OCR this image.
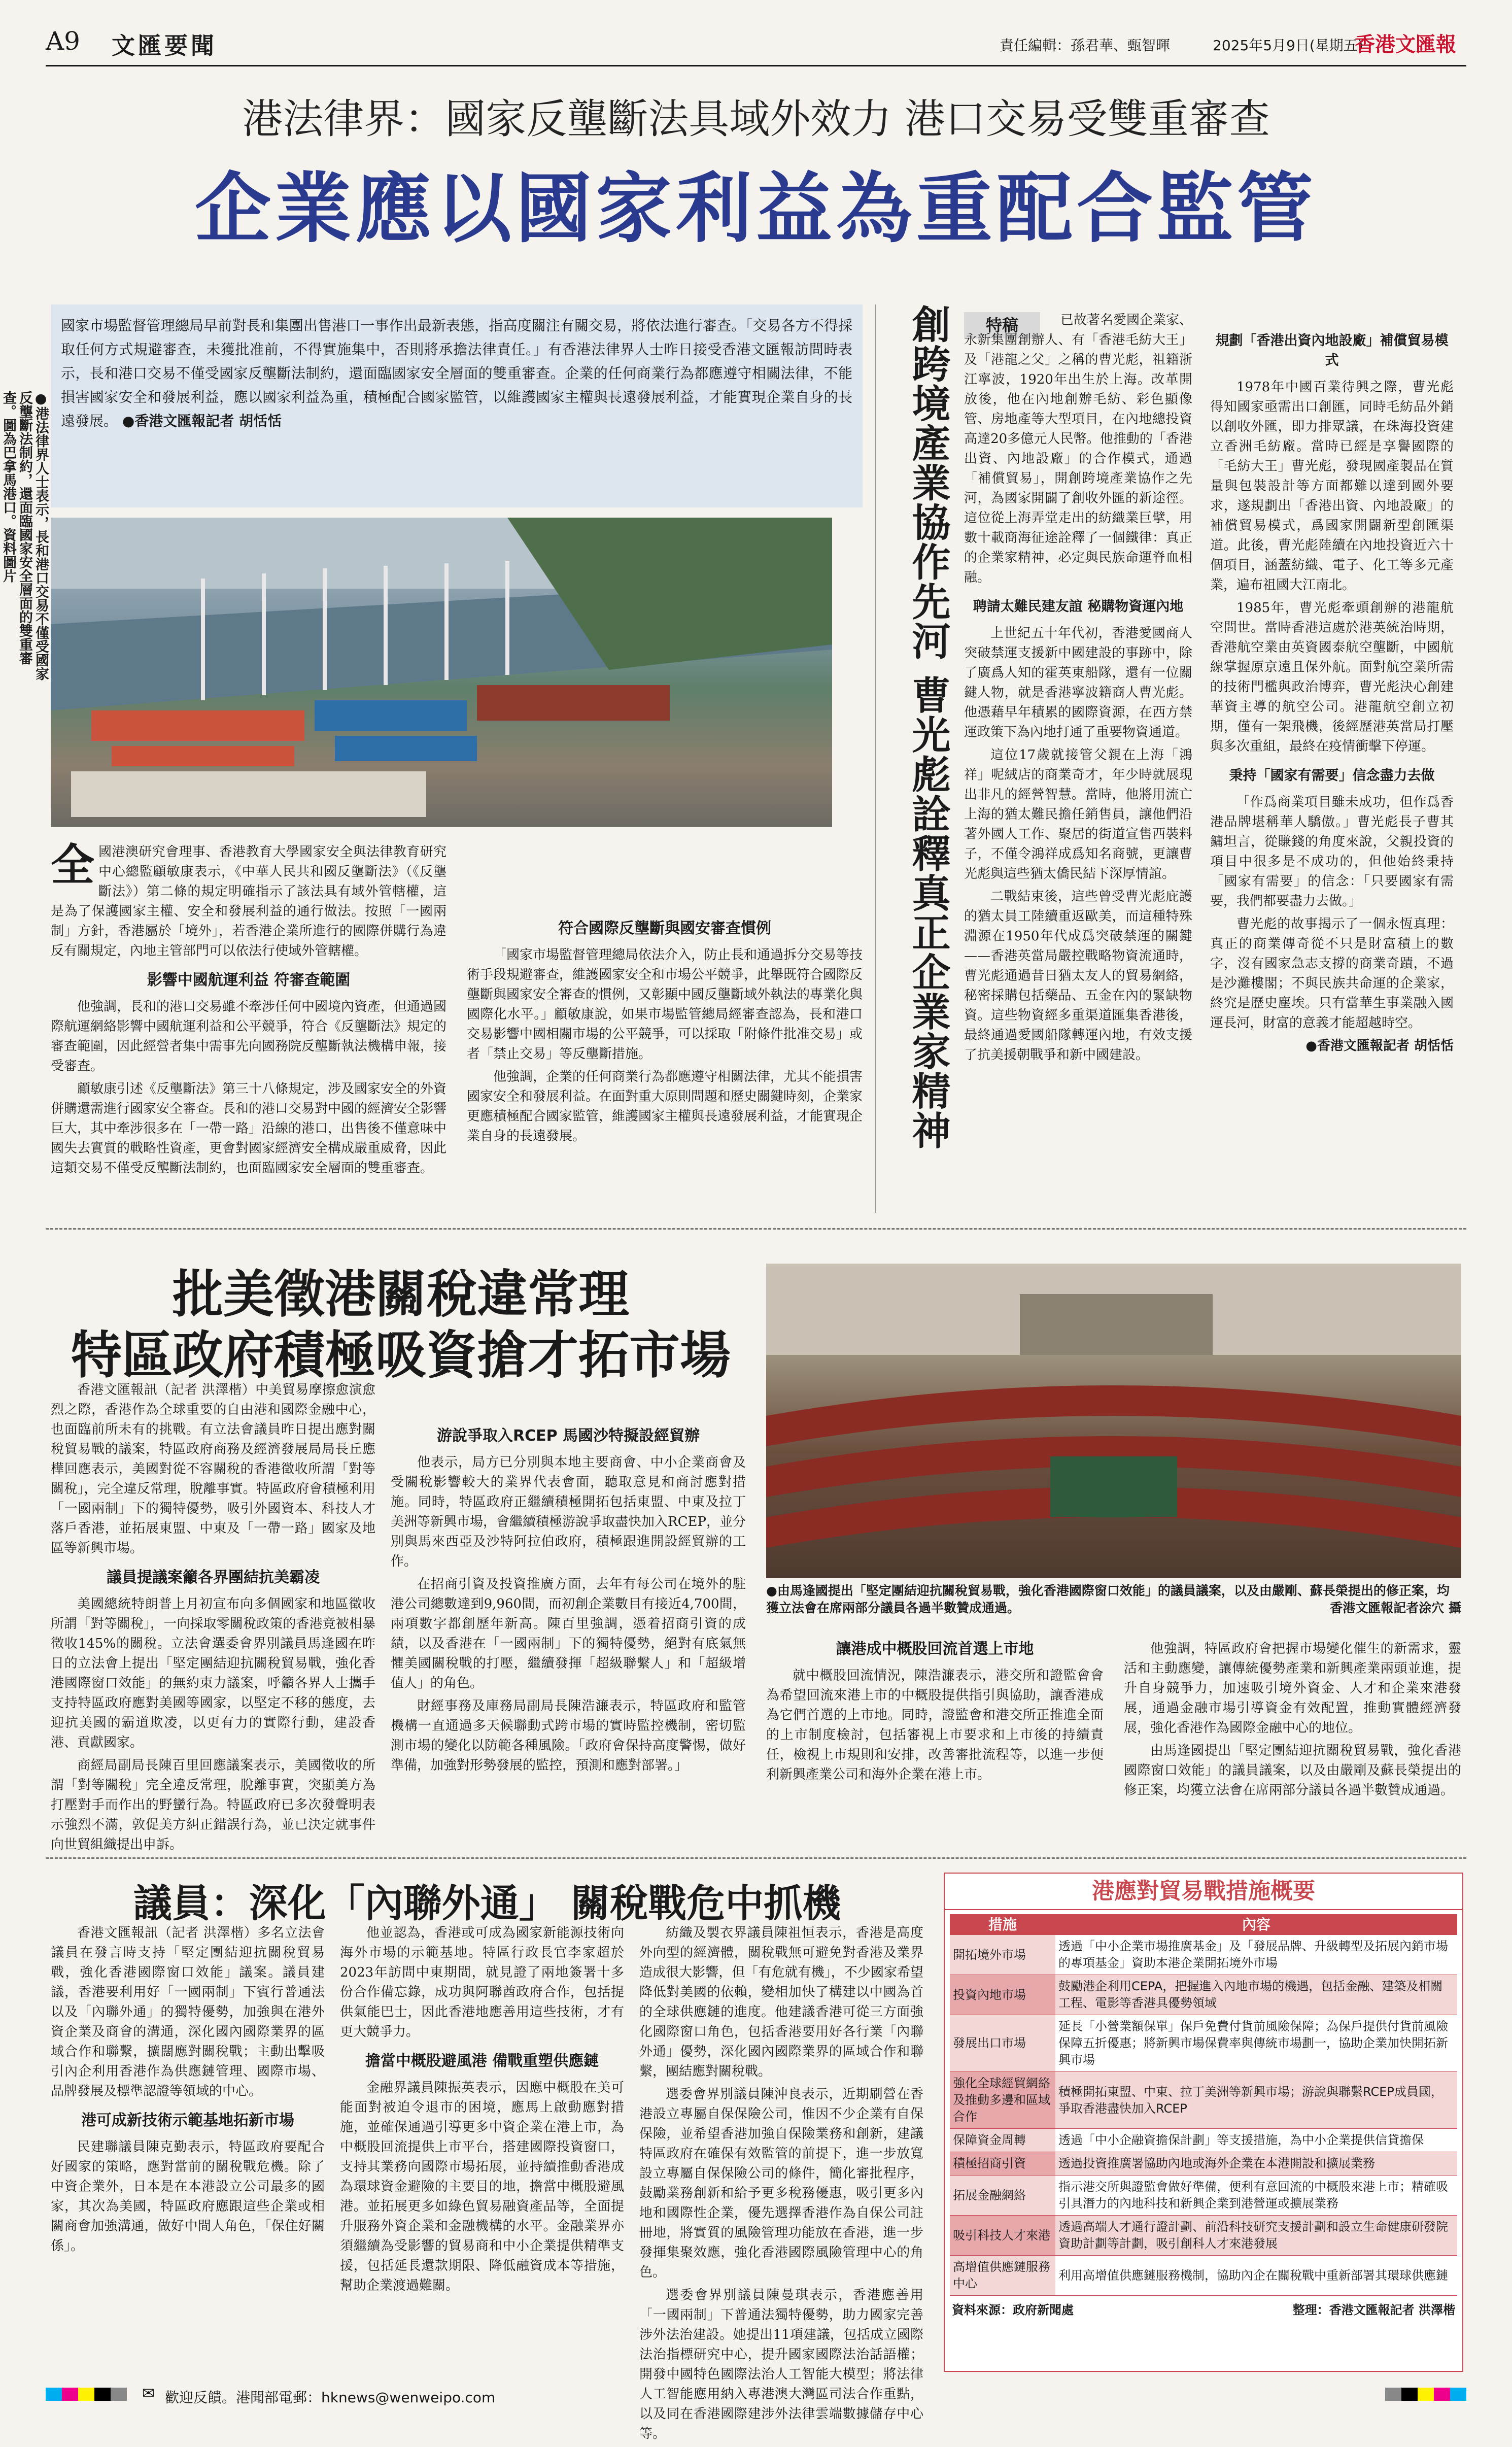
A9 文匯要聞	責任編輯：孫君華、甄智暉	2025年5月9日(星期五)
香港文匯報
港法律界：國家反壟斷法具域外效力 港口交易受雙重審查
企業應以國家利益為重配合監管
國家市場監督管理總局早前對長和集團出售港口一事作出最新表態，指高度關注有關交易，將依法進行審查。「交易各方不得採取任何方式規避審查，未獲批准前，不得實施集中，否則將承擔法律責任。」有香港法律界人士昨日接受香港文匯報訪問時表示，長和港口交易不僅受國家反壟斷法制約，還面臨國家安全層面的雙重審查。企業的任何商業行為都應遵守相關法律，不能損害國家安全和發展利益，應以國家利益為重，積極配合國家監管，以維護國家主權與長遠發展利益，才能實現企業自身的長遠發展。 ●香港文匯報記者 胡恬恬
●港法律界人士表示，長和港口交易不僅受國家反壟斷法制約，還面臨國家安全層面的雙重審查。圖為巴拿馬港口。資料圖片

全國港澳研究會理事、香港教育大學國家安全與法律教育研究中心總監顧敏康表示，《中華人民共和國反壟斷法》（《反壟斷法》）第二條的規定明確指示了該法具有域外管轄權，這是為了保護國家主權、安全和發展利益的通行做法。按照「一國兩制」方針，香港屬於「境外」，若香港企業所進行的國際併購行為違反有關規定，內地主管部門可以依法行使域外管轄權。

影響中國航運利益 符審查範圍

他強調，長和的港口交易雖不牽涉任何中國境內資產，但通過國際航運網絡影響中國航運利益和公平競爭，符合《反壟斷法》規定的審查範圍，因此經營者集中需事先向國務院反壟斷執法機構申報，接受審查。

顧敏康引述《反壟斷法》第三十八條規定，涉及國家安全的外資併購還需進行國家安全審查。長和的港口交易對中國的經濟安全影響巨大，其中牽涉很多在「一帶一路」沿線的港口，出售後不僅意味中國失去實質的戰略性資產，更會對國家經濟安全構成嚴重威脅，因此這類交易不僅受反壟斷法制約，也面臨國家安全層面的雙重審查。

符合國際反壟斷與國安審查慣例

「國家市場監督管理總局依法介入，防止長和通過拆分交易等技術手段規避審查，維護國家安全和市場公平競爭，此舉既符合國際反壟斷與國家安全審查的慣例，又彰顯中國反壟斷域外執法的專業化與國際化水平。」顧敏康說，如果市場監管總局經審查認為，長和港口交易影響中國相關市場的公平競爭，可以採取「附條件批准交易」或者「禁止交易」等反壟斷措施。

他強調，企業的任何商業行為都應遵守相關法律，尤其不能損害國家安全和發展利益。在面對重大原則問題和歷史關鍵時刻，企業家更應積極配合國家監管，維護國家主權與長遠發展利益，才能實現企業自身的長遠發展。	創跨境產業協作先河 曹光彪詮釋真正企業家精神	特稿	已故著名愛國企業家、永新集團創辦人、有「香港毛紡大王」及「港龍之父」之稱的曹光彪，祖籍浙江寧波，1920年出生於上海。改革開放後，他在內地創辦毛紡、彩色顯像管、房地產等大型項目，在內地總投資高達20多億元人民幣。他推動的「香港出資、內地設廠」的合作模式，通過「補償貿易」，開創跨境產業協作之先河，為國家開闢了創收外匯的新途徑。這位從上海弄堂走出的紡織業巨擘，用數十載商海征途詮釋了一個鐵律：真正的企業家精神，必定與民族命運脊血相融。

聘請太難民建友誼 秘購物資運內地

上世紀五十年代初，香港愛國商人突破禁運支援新中國建設的事跡中，除了廣爲人知的霍英東船隊，還有一位關鍵人物，就是香港寧波籍商人曹光彪。他憑藉早年積累的國際資源，在西方禁運政策下為內地打通了重要物資通道。

這位17歲就接管父親在上海「鴻祥」呢絨店的商業奇才，年少時就展現出非凡的經營智慧。當時，他將用流亡上海的猶太難民擔任銷售員，讓他們沿著外國人工作、聚居的街道宣售西裝料子，不僅令鴻祥成爲知名商號，更讓曹光彪與這些猶太僑民結下深厚情誼。

二戰結束後，這些曾受曹光彪庇護的猶太員工陸續重返歐美，而這種特殊淵源在1950年代成爲突破禁運的關鍵——香港英當局嚴控戰略物資流通時，曹光彪通過昔日猶太友人的貿易網絡，秘密採購包括藥品、五金在內的緊缺物資。這些物資經多重渠道匯集香港後，最終通過愛國船隊轉運內地，有效支援了抗美援朝戰爭和新中國建設。

規劃「香港出資內地設廠」補償貿易模式

1978年中國百業待興之際，曹光彪得知國家亟需出口創匯，同時毛紡品外銷以創收外匯，即力排眾議，在珠海投資建立香洲毛紡廠。當時已經是享譽國際的「毛紡大王」曹光彪，發現國產製品在質量與包裝設計等方面都難以達到國外要求，遂規劃出「香港出資、內地設廠」的補償貿易模式，爲國家開闢新型創匯渠道。此後，曹光彪陸續在內地投資近六十個項目，涵蓋紡織、電子、化工等多元產業，遍布祖國大江南北。

1985年，曹光彪牽頭創辦的港龍航空問世。當時香港這處於港英統治時期，香港航空業由英資國泰航空壟斷，中國航線掌握原京遠且保外航。面對航空業所需的技術門檻與政治博弈，曹光彪決心創建華資主導的航空公司。港龍航空創立初期，僅有一架飛機，後經歷港英當局打壓與多次重組，最終在疫情衝擊下停運。

秉持「國家有需要」信念盡力去做

「作爲商業項目雖未成功，但作爲香港品牌堪稱華人驕傲。」曹光彪長子曹其鏞坦言，從賺錢的角度來說，父親投資的項目中很多是不成功的，但他始終秉持「國家有需要」的信念：「只要國家有需要，我們都要盡力去做。」

曹光彪的故事揭示了一個永恆真理：真正的商業傳奇從不只是財富積上的數字，沒有國家急志支撐的商業奇蹟，不過是沙灘樓閣；不與民族共命運的企業家，終究是歷史塵埃。只有當華生事業融入國運長河，財富的意義才能超越時空。

●香港文匯報記者 胡恬恬
批美徵港關稅違常理
特區政府積極吸資搶才拓市場
●由馬逢國提出「堅定團結迎抗關稅貿易戰，強化香港國際窗口效能」的議員議案，以及由嚴剛、蘇長榮提出的修正案，均獲立法會在席兩部分議員各過半數贊成通過。	香港文匯報記者涂穴 攝

香港文匯報訊（記者 洪澤楷）中美貿易摩擦愈演愈烈之際，香港作為全球重要的自由港和國際金融中心，也面臨前所未有的挑戰。有立法會議員昨日提出應對關稅貿易戰的議案，特區政府商務及經濟發展局局長丘應樺回應表示，美國對從不容關稅的香港徵收所謂「對等關稅」，完全違反常理，脫離事實。特區政府會積極利用「一國兩制」下的獨特優勢，吸引外國資本、科技人才落戶香港，並拓展東盟、中東及「一帶一路」國家及地區等新興市場。

議員提議案籲各界團結抗美霸凌

美國總統特朗普上月初宣布向多個國家和地區徵收所謂「對等關稅」，一向採取零關稅政策的香港竟被相暴徵收145%的關稅。立法會選委會界別議員馬逢國在昨日的立法會上提出「堅定團結迎抗關稅貿易戰，強化香港國際窗口效能」的無約束力議案，呼籲各界人士攜手支持特區政府應對美國等國家，以堅定不移的態度，去迎抗美國的霸道欺凌，以更有力的實際行動，建設香港、貢獻國家。

商經局副局長陳百里回應議案表示，美國徵收的所謂「對等關稅」完全違反常理，脫離事實，突顯美方為打壓對手而作出的野蠻行為。特區政府已多次發聲明表示強烈不滿，敦促美方糾正錯誤行為，並已決定就事件向世貿組織提出申訴。

游說爭取入RCEP 馬國沙特擬設經貿辦

他表示，局方已分別與本地主要商會、中小企業商會及受關稅影響較大的業界代表會面，聽取意見和商討應對措施。同時，特區政府正繼續積極開拓包括東盟、中東及拉丁美洲等新興市場，會繼續積極游說爭取盡快加入RCEP，並分別與馬來西亞及沙特阿拉伯政府，積極跟進開設經貿辦的工作。

在招商引資及投資推廣方面，去年有每公司在境外的駐港公司總數達到9,960間，而初創企業數目有接近4,700間，兩項數字都創歷年新高。陳百里強調，憑着招商引資的成績，以及香港在「一國兩制」下的獨特優勢，絕對有底氣無懼美國關稅戰的打壓，繼續發揮「超級聯繫人」和「超級增值人」的角色。

財經事務及庫務局副局長陳浩濂表示，特區政府和監管機構一直通過多天候聯動式跨市場的實時監控機制，密切監測市場的變化以防範各種風險。「政府會保持高度警惕，做好準備，加強對形勢發展的監控，預測和應對部署。」

讓港成中概股回流首選上市地

就中概股回流情況，陳浩濂表示，港交所和證監會會為希望回流來港上市的中概股提供指引與協助，讓香港成為它們首選的上市地。同時，證監會和港交所正推進全面的上市制度檢討，包括審視上市要求和上市後的持續責任，檢視上市規則和安排，改善審批流程等，以進一步便利新興產業公司和海外企業在港上市。

他強調，特區政府會把握市場變化催生的新需求，靈活和主動應變，讓傳統優勢產業和新興產業兩頭並進，提升自身競爭力，加速吸引境外資金、人才和企業來港發展，通過金融市場引導資金有效配置，推動實體經濟發展，強化香港作為國際金融中心的地位。

由馬逢國提出「堅定團結迎抗關稅貿易戰，強化香港國際窗口效能」的議員議案，以及由嚴剛及蘇長榮提出的修正案，均獲立法會在席兩部分議員各過半數贊成通過。

議員：深化「內聯外通」 關稅戰危中抓機

香港文匯報訊（記者 洪澤楷）多名立法會議員在發言時支持「堅定團結迎抗關稅貿易戰，強化香港國際窗口效能」議案。議員建議，香港要利用好「一國兩制」下賓行普通法以及「內聯外通」的獨特優勢，加強與在港外資企業及商會的溝通，深化國內國際業界的區域合作和聯繫，擴闊應對關稅戰；主動出擊吸引內企利用香港作為供應鏈管理、國際市場、品牌發展及標準認證等領域的中心。

港可成新技術示範基地拓新市場

民建聯議員陳克勤表示，特區政府要配合好國家的策略，應對當前的關稅戰危機。除了中資企業外，日本是在本港設立公司最多的國家，其次為美國，特區政府應跟這些企業或相關商會加強溝通，做好中間人角色，「保住好關係」。

他並認為，香港或可成為國家新能源技術向海外市場的示範基地。特區行政長官李家超於2023年訪問中東期間，就見證了兩地簽署十多份合作備忘錄，成功與阿聯酋政府合作，包括提供氣能巴士，因此香港地應善用這些技術，才有更大競爭力。

擔當中概股避風港 備戰重塑供應鏈

金融界議員陳振英表示，因應中概股在美可能面對被迫令退市的困境，應馬上啟動應對措施，並確保通過引導更多中資企業在港上市，為中概股回流提供上市平台，搭建國際投資窗口，支持其業務向國際市場拓展，並持續推動香港成為環球資金避險的主要目的地，擔當中概股避風港。並拓展更多如綠色貿易融資產品等，全面提升服務外資企業和金融機構的水平。金融業界亦須繼續為受影響的貿易商和中小企業提供精準支援，包括延長還款期限、降低融資成本等措施，幫助企業渡過難關。

紡織及製衣界議員陳祖恒表示，香港是高度外向型的經濟體，關稅戰無可避免對香港及業界造成很大影響，但「有危就有機」，不少國家希望降低對美國的依賴，變相加快了構建以中國為首的全球供應鏈的進度。他建議香港可從三方面強化國際窗口角色，包括香港要用好各行業「內聯外通」優勢，深化國內國際業界的區域合作和聯繫，團結應對關稅戰。

選委會界別議員陳沖良表示，近期刷營在香港設立專屬自保保險公司，惟因不少企業有自保保險，並希望香港加強自保險業務和創新，建議特區政府在確保有效監管的前提下，進一步放寬設立專屬自保保險公司的條件，簡化審批程序，鼓勵業務創新和給予更多稅務優惠，吸引更多內地和國際性企業，優先選擇香港作為自保公司註冊地，將實質的風險管理功能放在香港，進一步發揮集聚效應，強化香港國際風險管理中心的角色。

選委會界別議員陳曼琪表示，香港應善用「一國兩制」下普通法獨特優勢，助力國家完善涉外法治建設。她提出11項建議，包括成立國際法治指標研究中心，提升國家國際法治話語權；開發中國特色國際法治人工智能大模型；將法律人工智能應用納入專港澳大灣區司法合作重點，以及同在香港國際建涉外法律雲端數據儲存中心等。

港應對貿易戰措施概要
措施	內容
開拓境外市場	透過「中小企業市場推廣基金」及「發展品牌、升級轉型及拓展內銷市場的專項基金」資助本港企業開拓境外市場
投資內地市場	鼓勵港企利用CEPA，把握進入內地市場的機遇，包括金融、建築及相關工程、電影等香港具優勢領域
發展出口市場	延長「小營業額保單」保戶免費付貨前風險保障；為保戶提供付貨前風險保障五折優惠；將新興市場保費率與傳統市場劃一，協助企業加快開拓新興市場
強化全球經貿網絡及推動多邊和區域合作	積極開拓東盟、中東、拉丁美洲等新興市場；游說與聯繫RCEP成員國，爭取香港盡快加入RCEP
保障資金周轉	透過「中小企融資擔保計劃」等支援措施，為中小企業提供信貸擔保
積極招商引資	透過投資推廣署協助內地或海外企業在本港開設和擴展業務
拓展金融網絡	指示港交所與證監會做好準備，便利有意回流的中概股來港上市；精確吸引具潛力的內地科技和新興企業到港營運或擴展業務
吸引科技人才來港	透過高端人才通行證計劃、前沿科技研究支援計劃和設立生命健康研發院資助計劃等計劃，吸引創科人才來港發展
高增值供應鏈服務中心	利用高增值供應鏈服務機制，協助內企在關稅戰中重新部署其環球供應鏈
資料來源：政府新聞處	整理：香港文匯報記者 洪澤楷
✉ 歡迎反饋。港聞部電郵：hknews@wenweipo.com
